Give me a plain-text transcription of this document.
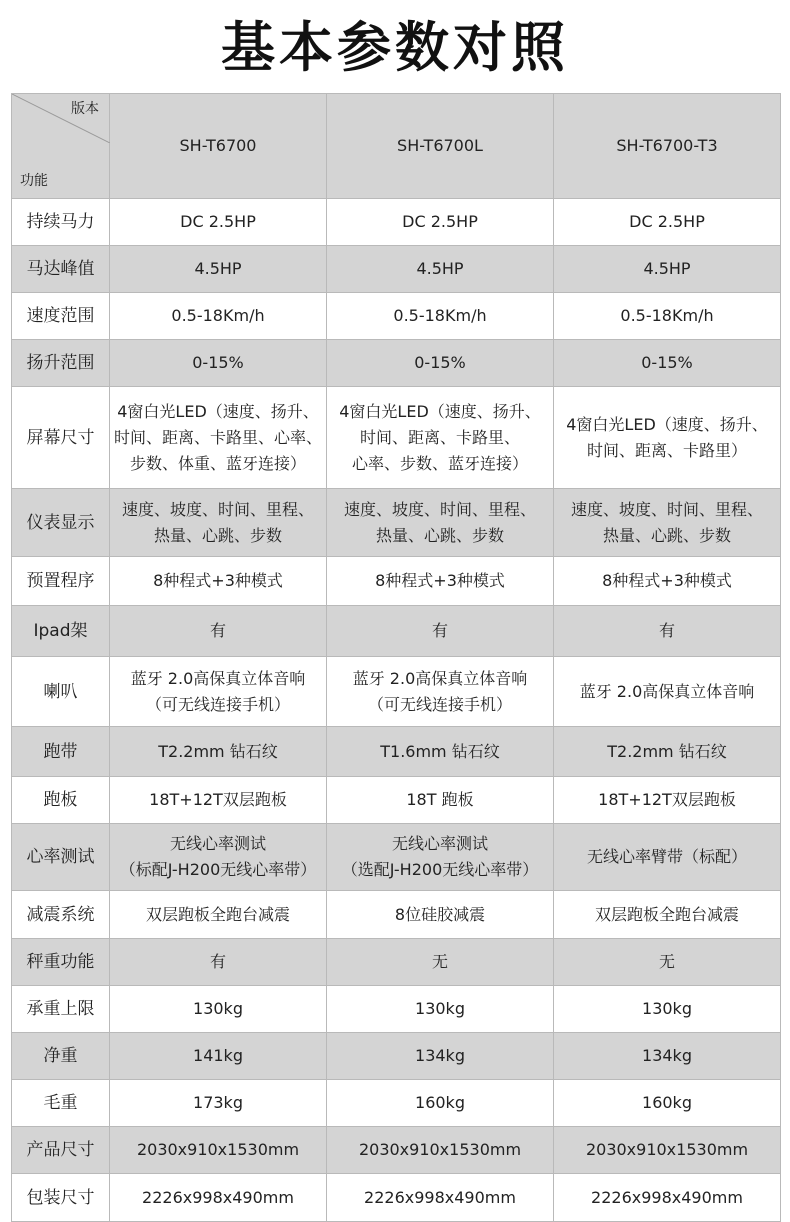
基本参数对照

版本

功能	SH-T6700	SH-T6700L	SH-T6700-T3
持续马力	DC 2.5HP	DC 2.5HP	DC 2.5HP
马达峰值	4.5HP	4.5HP	4.5HP
速度范围	0.5-18Km/h	0.5-18Km/h	0.5-18Km/h
扬升范围	0-15%	0-15%	0-15%
屏幕尺寸	4窗白光LED（速度、扬升、
时间、距离、卡路里、心率、
步数、体重、蓝牙连接）	4窗白光LED（速度、扬升、
时间、距离、卡路里、
心率、步数、蓝牙连接）	4窗白光LED（速度、扬升、
时间、距离、卡路里）
仪表显示	速度、坡度、时间、里程、
热量、心跳、步数	速度、坡度、时间、里程、
热量、心跳、步数	速度、坡度、时间、里程、
热量、心跳、步数
预置程序	8种程式+3种模式	8种程式+3种模式	8种程式+3种模式
Ipad架	有	有	有
喇叭	蓝牙 2.0高保真立体音响
（可无线连接手机）	蓝牙 2.0高保真立体音响
（可无线连接手机）	蓝牙 2.0高保真立体音响
跑带	T2.2mm 钻石纹	T1.6mm 钻石纹	T2.2mm 钻石纹
跑板	18T+12T双层跑板	18T 跑板	18T+12T双层跑板
心率测试	无线心率测试
（标配J-H200无线心率带）	无线心率测试
（选配J-H200无线心率带）	无线心率臂带（标配）
减震系统	双层跑板全跑台减震	8位硅胶减震	双层跑板全跑台减震
秤重功能	有	无	无
承重上限	130kg	130kg	130kg
净重	141kg	134kg	134kg
毛重	173kg	160kg	160kg
产品尺寸	2030x910x1530mm	2030x910x1530mm	2030x910x1530mm
包装尺寸	2226x998x490mm	2226x998x490mm	2226x998x490mm
